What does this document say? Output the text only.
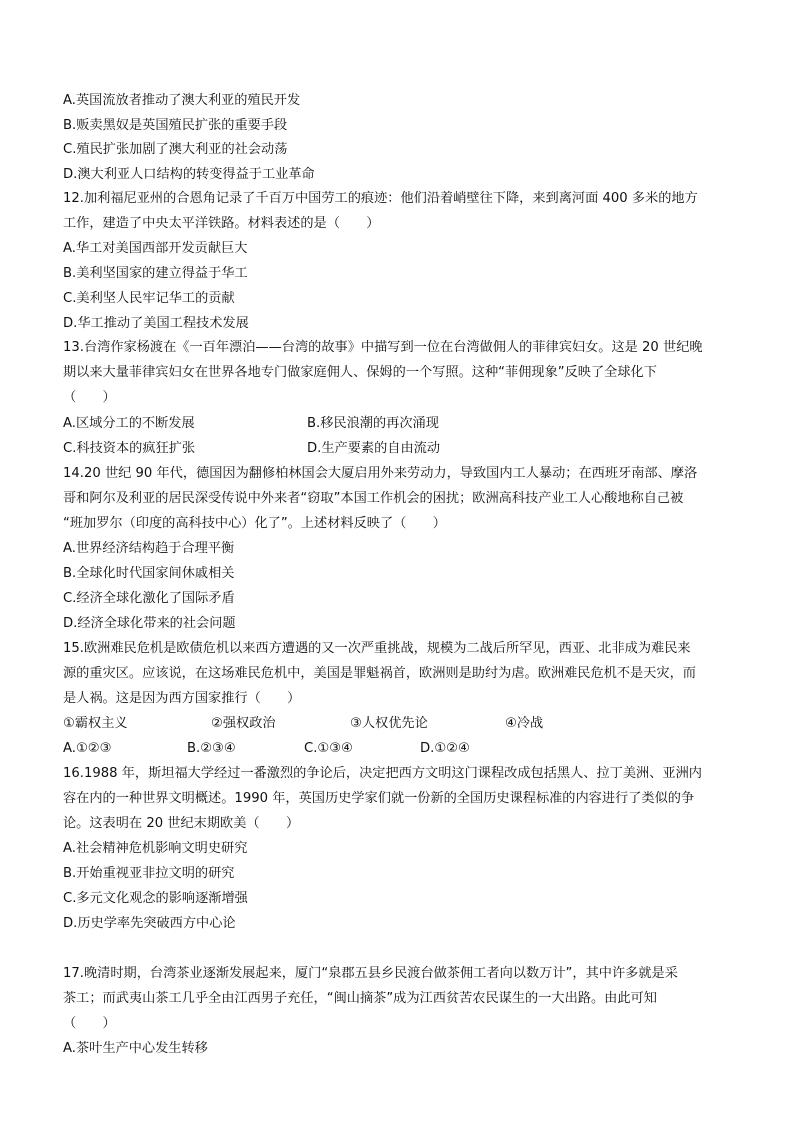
A.英国流放者推动了澳大利亚的殖民开发
B.贩卖黑奴是英国殖民扩张的重要手段
C.殖民扩张加剧了澳大利亚的社会动荡
D.澳大利亚人口结构的转变得益于工业革命
12.加利福尼亚州的合恩角记录了千百万中国劳工的痕迹：他们沿着峭壁往下降，来到离河面 400 多米的地方
工作，建造了中央太平洋铁路。材料表述的是（　　）
A.华工对美国西部开发贡献巨大
B.美利坚国家的建立得益于华工
C.美利坚人民牢记华工的贡献
D.华工推动了美国工程技术发展
13.台湾作家杨渡在《一百年漂泊——台湾的故事》中描写到一位在台湾做佣人的菲律宾妇女。这是 20 世纪晚
期以来大量菲律宾妇女在世界各地专门做家庭佣人、保姆的一个写照。这种“菲佣现象”反映了全球化下
（　　）
A.区域分工的不断发展	B.移民浪潮的再次涌现
C.科技资本的疯狂扩张	D.生产要素的自由流动
14.20 世纪 90 年代，德国因为翻修柏林国会大厦启用外来劳动力，导致国内工人暴动；在西班牙南部、摩洛
哥和阿尔及利亚的居民深受传说中外来者“窃取”本国工作机会的困扰；欧洲高科技产业工人心酸地称自己被
“班加罗尔（印度的高科技中心）化了”。上述材料反映了（　　）
A.世界经济结构趋于合理平衡
B.全球化时代国家间休戚相关
C.经济全球化激化了国际矛盾
D.经济全球化带来的社会问题
15.欧洲难民危机是欧债危机以来西方遭遇的又一次严重挑战，规模为二战后所罕见，西亚、北非成为难民来
源的重灾区。应该说，在这场难民危机中，美国是罪魁祸首，欧洲则是助纣为虐。欧洲难民危机不是天灾，而
是人祸。这是因为西方国家推行（　　）
①霸权主义	②强权政治	③人权优先论	④冷战
A.①②③	B.②③④	C.①③④	D.①②④
16.1988 年，斯坦福大学经过一番激烈的争论后，决定把西方文明这门课程改成包括黑人、拉丁美洲、亚洲内
容在内的一种世界文明概述。1990 年，英国历史学家们就一份新的全国历史课程标准的内容进行了类似的争
论。这表明在 20 世纪末期欧美（　　）
A.社会精神危机影响文明史研究
B.开始重视亚非拉文明的研究
C.多元文化观念的影响逐渐增强
D.历史学率先突破西方中心论
17.晚清时期，台湾茶业逐渐发展起来，厦门“泉郡五县乡民渡台做茶佣工者向以数万计”，其中许多就是采
茶工；而武夷山茶工几乎全由江西男子充任，“闽山摘茶”成为江西贫苦农民谋生的一大出路。由此可知
（　　）
A.茶叶生产中心发生转移
